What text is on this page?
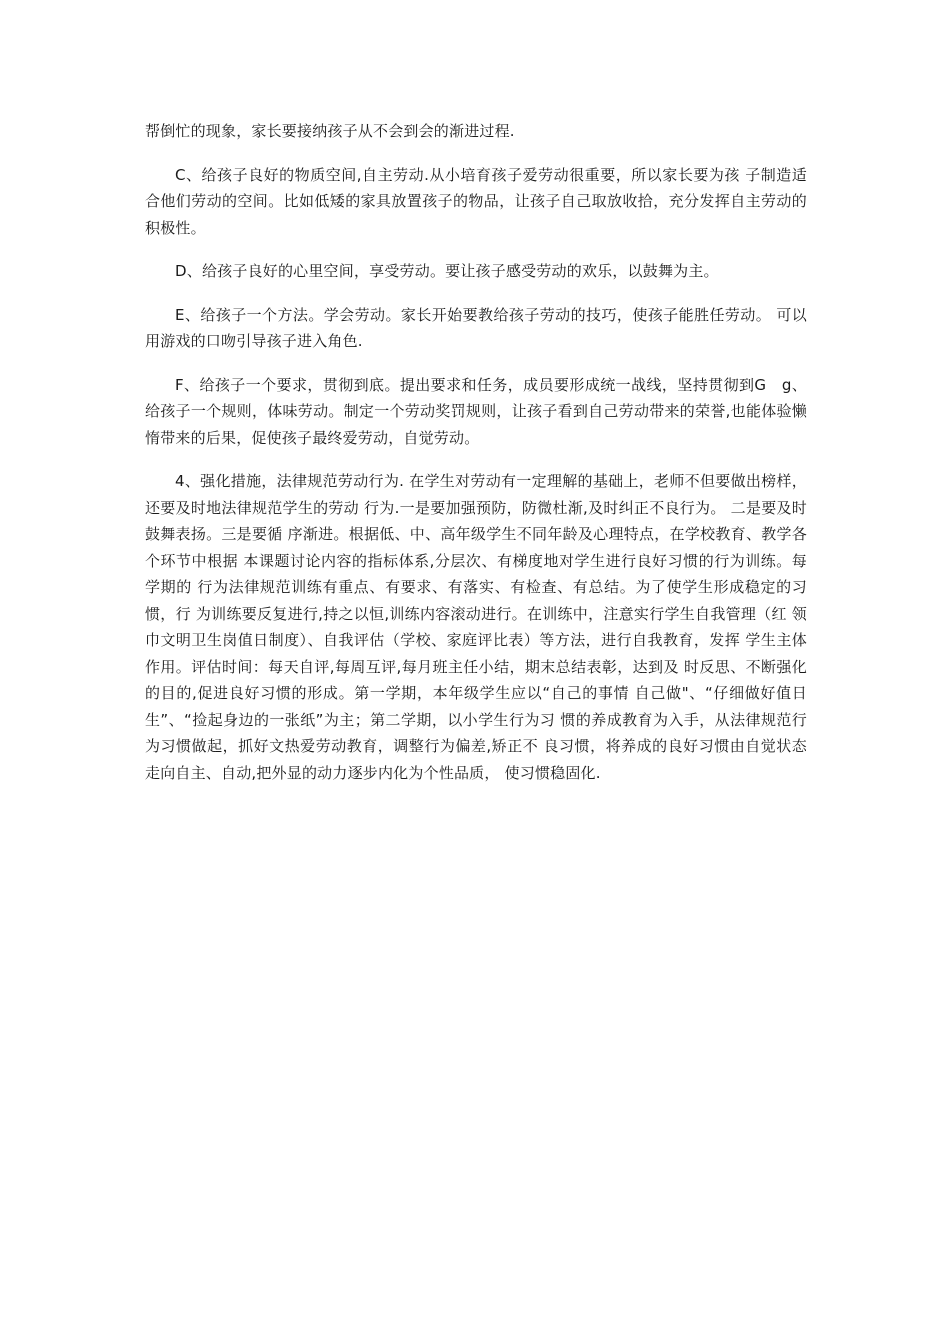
帮倒忙的现象，家长要接纳孩子从不会到会的渐进过程.

C、给孩子良好的物质空间,自主劳动.从小培育孩子爱劳动很重要，所以家长要为孩 子制造适合他们劳动的空间。比如低矮的家具放置孩子的物品，让孩子自己取放收拾，充分发挥自主劳动的积极性。

D、给孩子良好的心里空间，享受劳动。要让孩子感受劳动的欢乐，以鼓舞为主。

E、给孩子一个方法。学会劳动。家长开始要教给孩子劳动的技巧，使孩子能胜任劳动。 可以用游戏的口吻引导孩子进入角色.

F、给孩子一个要求，贯彻到底。提出要求和任务，成员要形成统一战线，坚持贯彻到G　g、给孩子一个规则，体味劳动。制定一个劳动奖罚规则，让孩子看到自己劳动带来的荣誉,也能体验懒惰带来的后果，促使孩子最终爱劳动，自觉劳动。

4、强化措施，法律规范劳动行为. 在学生对劳动有一定理解的基础上，老师不但要做出榜样，还要及时地法律规范学生的劳动 行为.一是要加强预防，防微杜渐,及时纠正不良行为。 二是要及时鼓舞表扬。三是要循 序渐进。根据低、中、高年级学生不同年龄及心理特点，在学校教育、教学各个环节中根据 本课题讨论内容的指标体系,分层次、有梯度地对学生进行良好习惯的行为训练。每学期的 行为法律规范训练有重点、有要求、有落实、有检查、有总结。为了使学生形成稳定的习惯，行 为训练要反复进行,持之以恒,训练内容滚动进行。在训练中，注意实行学生自我管理（红 领巾文明卫生岗值日制度）、自我评估（学校、家庭评比表）等方法，进行自我教育，发挥 学生主体作用。评估时间：每天自评,每周互评,每月班主任小结，期末总结表彰，达到及 时反思、不断强化的目的,促进良好习惯的形成。第一学期，本年级学生应以“自己的事情 自己做"、“仔细做好值日生”、“捡起身边的一张纸”为主；第二学期，以小学生行为习 惯的养成教育为入手，从法律规范行为习惯做起，抓好文热爱劳动教育，调整行为偏差,矫正不 良习惯，将养成的良好习惯由自觉状态走向自主、自动,把外显的动力逐步内化为个性品质， 使习惯稳固化.
